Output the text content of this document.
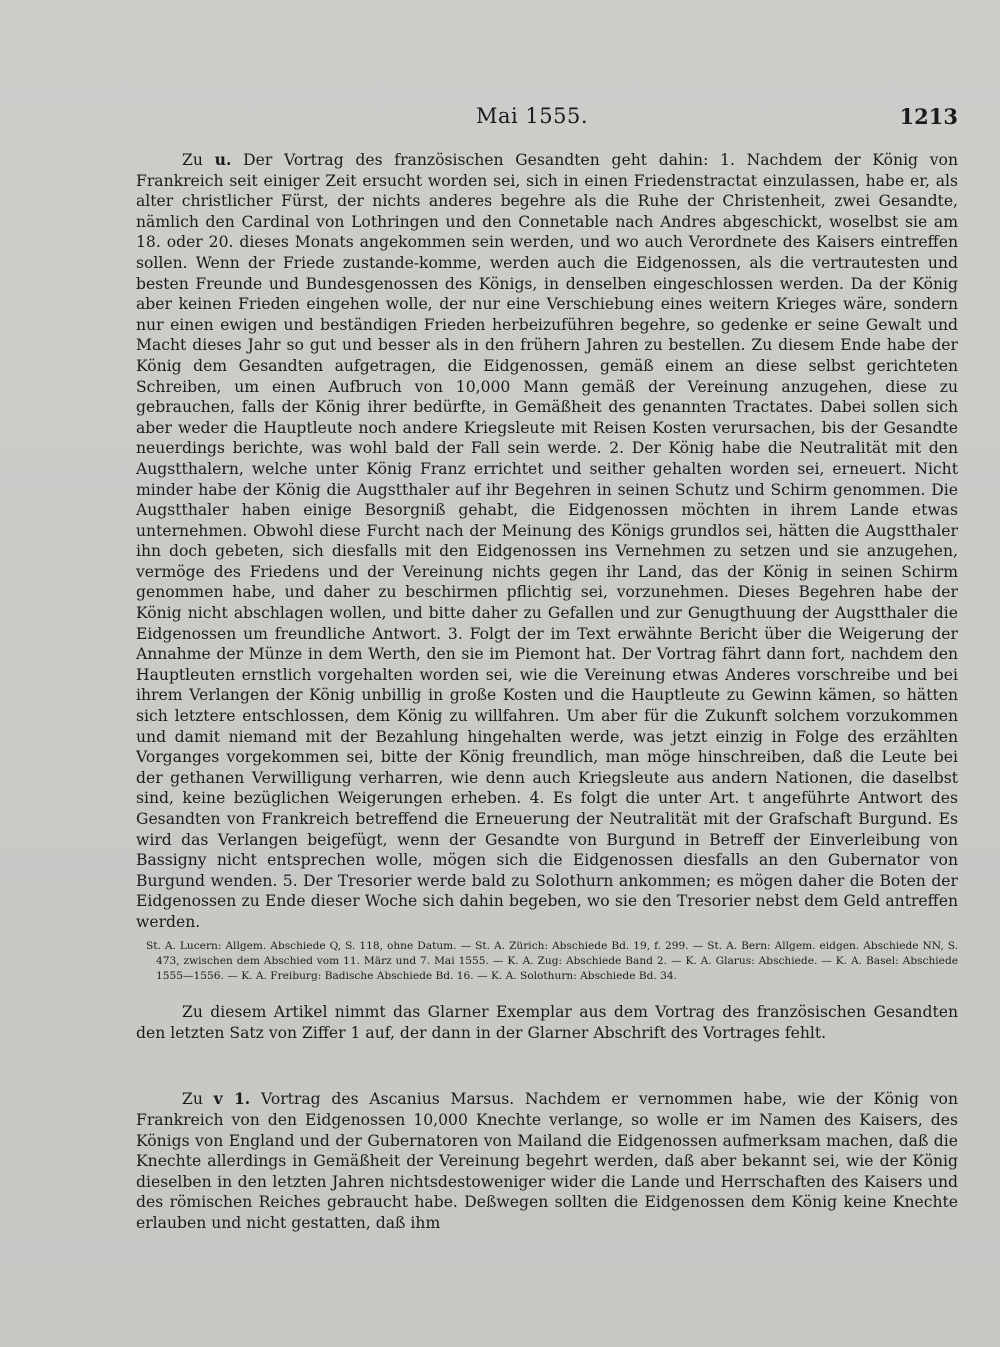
Mai 1555.	1213

Zu u. Der Vortrag des französischen Gesandten geht dahin: 1. Nachdem der König von Frankreich seit einiger Zeit ersucht worden sei, sich in einen Friedenstractat einzulassen, habe er, als alter christlicher Fürst, der nichts anderes begehre als die Ruhe der Christenheit, zwei Gesandte, nämlich den Cardinal von Lothringen und den Connetable nach Andres abgeschickt, woselbst sie am 18. oder 20. dieses Monats angekommen sein werden, und wo auch Verordnete des Kaisers eintreffen sollen. Wenn der Friede zustande-komme, werden auch die Eidgenossen, als die vertrautesten und besten Freunde und Bundesgenossen des Königs, in denselben eingeschlossen werden. Da der König aber keinen Frieden eingehen wolle, der nur eine Verschiebung eines weitern Krieges wäre, sondern nur einen ewigen und beständigen Frieden herbeizuführen begehre, so gedenke er seine Gewalt und Macht dieses Jahr so gut und besser als in den frühern Jahren zu bestellen. Zu diesem Ende habe der König dem Gesandten aufgetragen, die Eidgenossen, gemäß einem an diese selbst gerichteten Schreiben, um einen Aufbruch von 10,000 Mann gemäß der Vereinung anzugehen, diese zu gebrauchen, falls der König ihrer bedürfte, in Gemäßheit des genannten Tractates. Dabei sollen sich aber weder die Hauptleute noch andere Kriegsleute mit Reisen Kosten verursachen, bis der Gesandte neuerdings berichte, was wohl bald der Fall sein werde. 2. Der König habe die Neutralität mit den Augstthalern, welche unter König Franz errichtet und seither gehalten worden sei, erneuert. Nicht minder habe der König die Augstthaler auf ihr Begehren in seinen Schutz und Schirm genommen. Die Augstthaler haben einige Besorgniß gehabt, die Eidgenossen möchten in ihrem Lande etwas unternehmen. Obwohl diese Furcht nach der Meinung des Königs grundlos sei, hätten die Augstthaler ihn doch gebeten, sich diesfalls mit den Eidgenossen ins Vernehmen zu setzen und sie anzugehen, vermöge des Friedens und der Vereinung nichts gegen ihr Land, das der König in seinen Schirm genommen habe, und daher zu beschirmen pflichtig sei, vorzunehmen. Dieses Begehren habe der König nicht abschlagen wollen, und bitte daher zu Gefallen und zur Genugthuung der Augstthaler die Eidgenossen um freundliche Antwort. 3. Folgt der im Text erwähnte Bericht über die Weigerung der Annahme der Münze in dem Werth, den sie im Piemont hat. Der Vortrag fährt dann fort, nachdem den Hauptleuten ernstlich vorgehalten worden sei, wie die Vereinung etwas Anderes vorschreibe und bei ihrem Verlangen der König unbillig in große Kosten und die Hauptleute zu Gewinn kämen, so hätten sich letztere entschlossen, dem König zu willfahren. Um aber für die Zukunft solchem vorzukommen und damit niemand mit der Bezahlung hingehalten werde, was jetzt einzig in Folge des erzählten Vorganges vorgekommen sei, bitte der König freundlich, man möge hinschreiben, daß die Leute bei der gethanen Verwilligung verharren, wie denn auch Kriegsleute aus andern Nationen, die daselbst sind, keine bezüglichen Weigerungen erheben. 4. Es folgt die unter Art. t angeführte Antwort des Gesandten von Frankreich betreffend die Erneuerung der Neutralität mit der Grafschaft Burgund. Es wird das Verlangen beigefügt, wenn der Gesandte von Burgund in Betreff der Einverleibung von Bassigny nicht entsprechen wolle, mögen sich die Eidgenossen diesfalls an den Gubernator von Burgund wenden. 5. Der Tresorier werde bald zu Solothurn ankommen; es mögen daher die Boten der Eidgenossen zu Ende dieser Woche sich dahin begeben, wo sie den Tresorier nebst dem Geld antreffen werden.

St. A. Lucern: Allgem. Abschiede Q, S. 118, ohne Datum. — St. A. Zürich: Abschiede Bd. 19, f. 299. — St. A. Bern: Allgem. eidgen. Abschiede NN, S. 473, zwischen dem Abschied vom 11. März und 7. Mai 1555. — K. A. Zug: Abschiede Band 2. — K. A. Glarus: Abschiede. — K. A. Basel: Abschiede 1555—1556. — K. A. Freiburg: Badische Abschiede Bd. 16. — K. A. Solothurn: Abschiede Bd. 34.

Zu diesem Artikel nimmt das Glarner Exemplar aus dem Vortrag des französischen Gesandten den letzten Satz von Ziffer 1 auf, der dann in der Glarner Abschrift des Vortrages fehlt.

Zu v 1. Vortrag des Ascanius Marsus. Nachdem er vernommen habe, wie der König von Frankreich von den Eidgenossen 10,000 Knechte verlange, so wolle er im Namen des Kaisers, des Königs von England und der Gubernatoren von Mailand die Eidgenossen aufmerksam machen, daß die Knechte allerdings in Gemäßheit der Vereinung begehrt werden, daß aber bekannt sei, wie der König dieselben in den letzten Jahren nichtsdestoweniger wider die Lande und Herrschaften des Kaisers und des römischen Reiches gebraucht habe. Deßwegen sollten die Eidgenossen dem König keine Knechte erlauben und nicht gestatten, daß ihm
